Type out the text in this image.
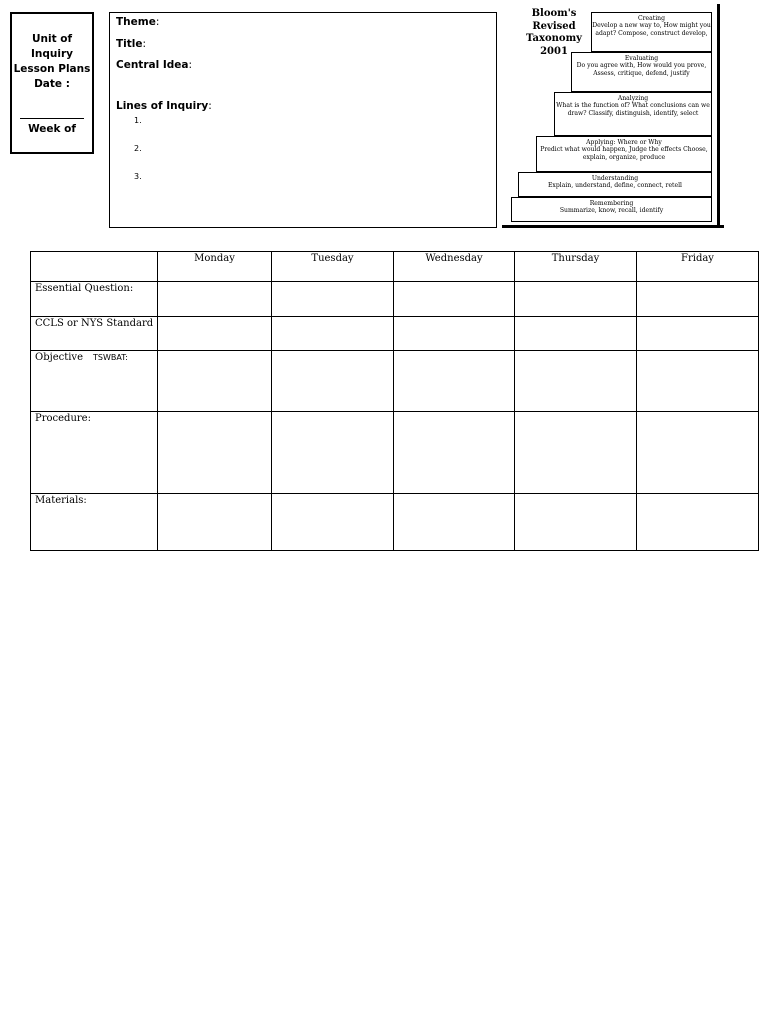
Unit of
Inquiry
Lesson Plans
Date :
Week of
Theme:
Title:
Central Idea:
Lines of Inquiry:
1.
2.
3.
Bloom's
Revised
Taxonomy
2001
Creating
Develop a new way to, How might you adapt? Compose, construct develop,
Evaluating
Do you agree with, How would you prove, Assess, critique, defend, justify
Analyzing
What is the function of? What conclusions can we draw? Classify, distinguish, identify, select
Applying: Where or Why
Predict what would happen, Judge the effects Choose, explain, organize, produce
Understanding
Explain, understand, define, connect, retell
Remembering
Summarize, know, recall, identify
	Monday	Tuesday	Wednesday	Thursday	Friday
Essential Question:					
CCLS or NYS Standard					
Objective TSWBAT:					
Procedure:					
Materials:					
